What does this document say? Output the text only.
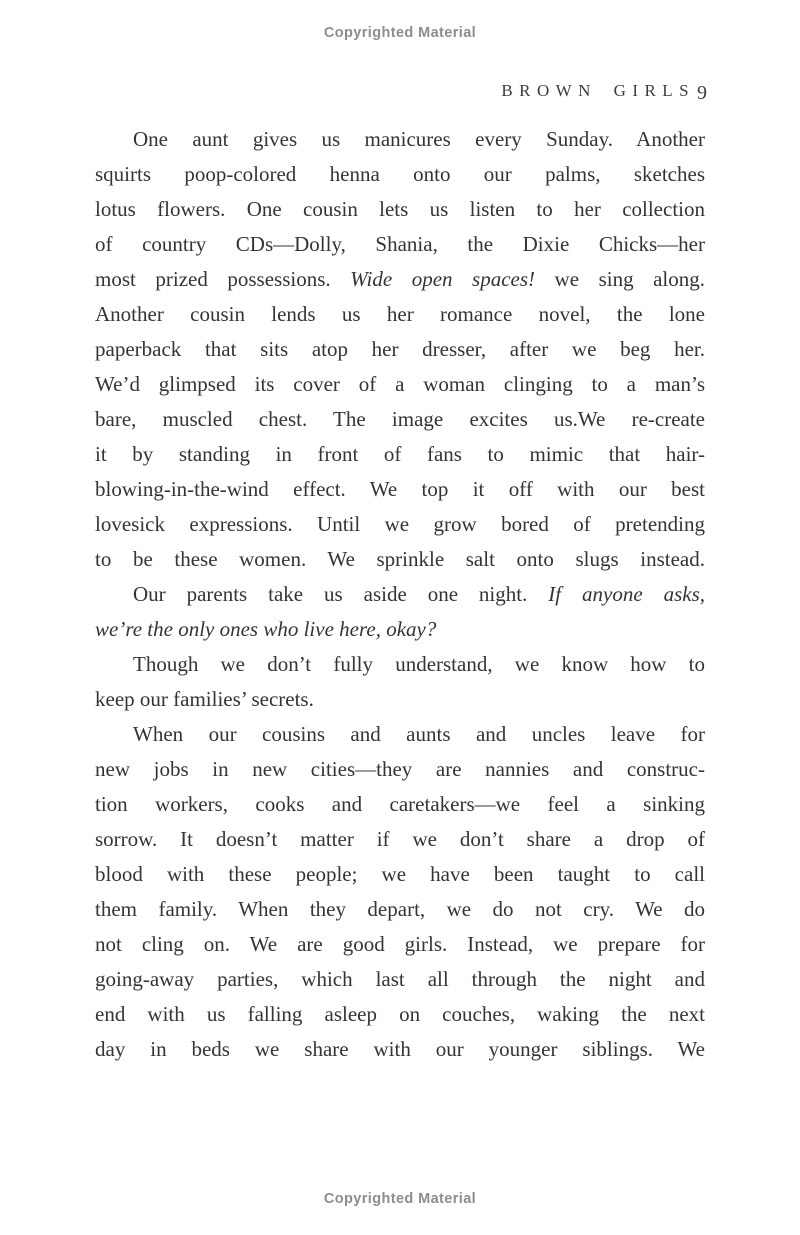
Copyrighted Material
BROWN GIRLS 9
One aunt gives us manicures every Sunday. Another
squirts poop-colored henna onto our palms, sketches
lotus flowers. One cousin lets us listen to her collection
of country CDs—Dolly, Shania, the Dixie Chicks—her
most prized possessions. Wide open spaces! we sing along.
Another cousin lends us her romance novel, the lone
paperback that sits atop her dresser, after we beg her.
We’d glimpsed its cover of a woman clinging to a man’s
bare, muscled chest. The image excites us.We re-create
it by standing in front of fans to mimic that hair-
blowing-in-the-wind effect. We top it off with our best
lovesick expressions. Until we grow bored of pretending
to be these women. We sprinkle salt onto slugs instead.
Our parents take us aside one night. If anyone asks,
we’re the only ones who live here, okay?
Though we don’t fully understand, we know how to
keep our families’ secrets.
When our cousins and aunts and uncles leave for
new jobs in new cities—they are nannies and construc-
tion workers, cooks and caretakers—we feel a sinking
sorrow. It doesn’t matter if we don’t share a drop of
blood with these people; we have been taught to call
them family. When they depart, we do not cry. We do
not cling on. We are good girls. Instead, we prepare for
going-away parties, which last all through the night and
end with us falling asleep on couches, waking the next
day in beds we share with our younger siblings. We
Copyrighted Material
